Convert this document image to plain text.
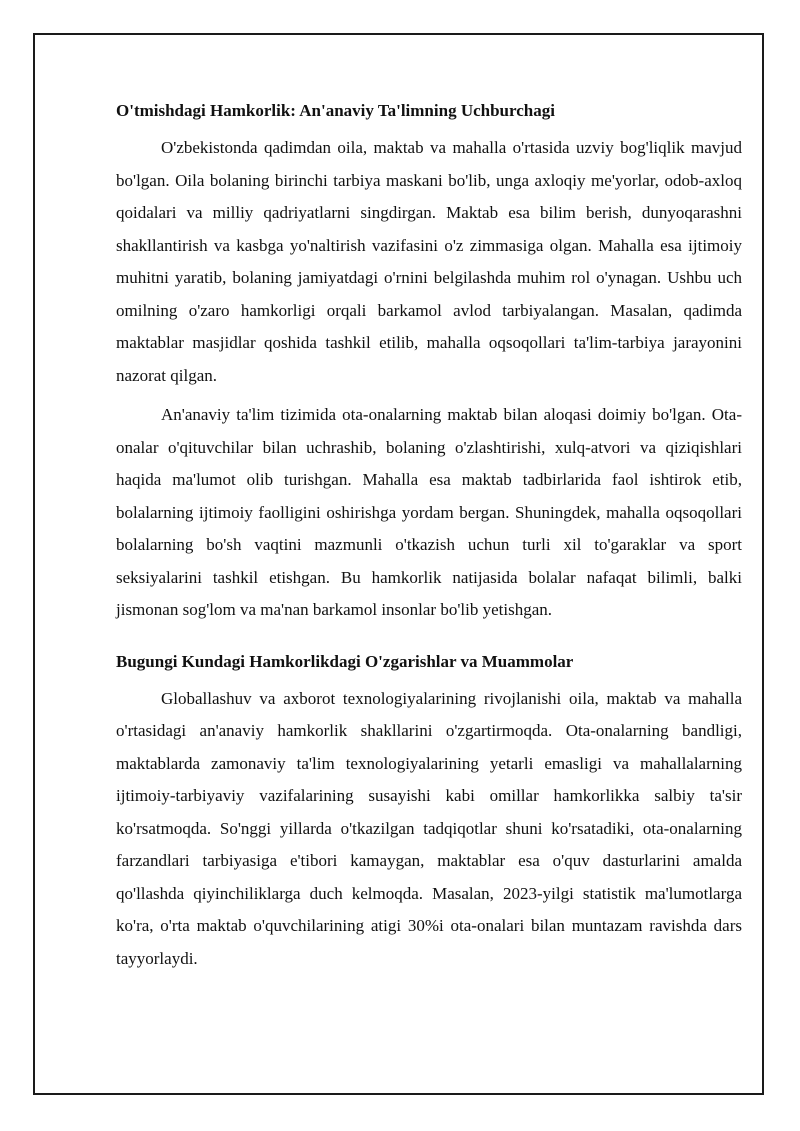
O'tmishdagi Hamkorlik: An'anaviy Ta'limning Uchburchagi

O'zbekistonda qadimdan oila, maktab va mahalla o'rtasida uzviy bog'liqlik mavjud bo'lgan. Oila bolaning birinchi tarbiya maskani bo'lib, unga axloqiy me'yorlar, odob-axloq qoidalari va milliy qadriyatlarni singdirgan. Maktab esa bilim berish, dunyoqarashni shakllantirish va kasbga yo'naltirish vazifasini o'z zimmasiga olgan. Mahalla esa ijtimoiy muhitni yaratib, bolaning jamiyatdagi o'rnini belgilashda muhim rol o'ynagan. Ushbu uch omilning o'zaro hamkorligi orqali barkamol avlod tarbiyalangan. Masalan, qadimda maktablar masjidlar qoshida tashkil etilib, mahalla oqsoqollari ta'lim-tarbiya jarayonini nazorat qilgan.

An'anaviy ta'lim tizimida ota-onalarning maktab bilan aloqasi doimiy bo'lgan. Ota-onalar o'qituvchilar bilan uchrashib, bolaning o'zlashtirishi, xulq-atvori va qiziqishlari haqida ma'lumot olib turishgan. Mahalla esa maktab tadbirlarida faol ishtirok etib, bolalarning ijtimoiy faolligini oshirishga yordam bergan. Shuningdek, mahalla oqsoqollari bolalarning bo'sh vaqtini mazmunli o'tkazish uchun turli xil to'garaklar va sport seksiyalarini tashkil etishgan. Bu hamkorlik natijasida bolalar nafaqat bilimli, balki jismonan sog'lom va ma'nan barkamol insonlar bo'lib yetishgan.

Bugungi Kundagi Hamkorlikdagi O'zgarishlar va Muammolar

Globallashuv va axborot texnologiyalarining rivojlanishi oila, maktab va mahalla o'rtasidagi an'anaviy hamkorlik shakllarini o'zgartirmoqda. Ota-onalarning bandligi, maktablarda zamonaviy ta'lim texnologiyalarining yetarli emasligi va mahallalarning ijtimoiy-tarbiyaviy vazifalarining susayishi kabi omillar hamkorlikka salbiy ta'sir ko'rsatmoqda. So'nggi yillarda o'tkazilgan tadqiqotlar shuni ko'rsatadiki, ota-onalarning farzandlari tarbiyasiga e'tibori kamaygan, maktablar esa o'quv dasturlarini amalda qo'llashda qiyinchiliklarga duch kelmoqda. Masalan, 2023-yilgi statistik ma'lumotlarga ko'ra, o'rta maktab o'quvchilarining atigi 30%i ota-onalari bilan muntazam ravishda dars tayyorlaydi.
